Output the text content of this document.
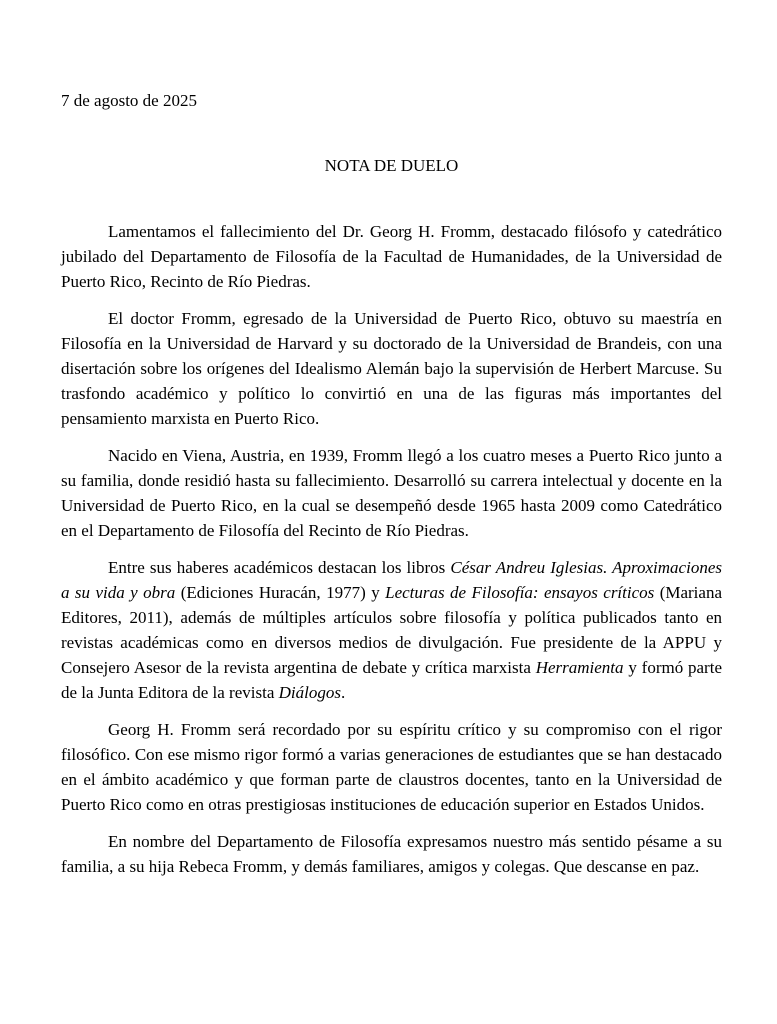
7 de agosto de 2025
NOTA DE DUELO

Lamentamos el fallecimiento del Dr. Georg H. Fromm, destacado filósofo y catedrático jubilado del Departamento de Filosofía de la Facultad de Humanidades, de la Universidad de Puerto Rico, Recinto de Río Piedras.

El doctor Fromm, egresado de la Universidad de Puerto Rico, obtuvo su maestría en Filosofía en la Universidad de Harvard y su doctorado de la Universidad de Brandeis, con una disertación sobre los orígenes del Idealismo Alemán bajo la supervisión de Herbert Marcuse. Su trasfondo académico y político lo convirtió en una de las figuras más importantes del pensamiento marxista en Puerto Rico.

Nacido en Viena, Austria, en 1939, Fromm llegó a los cuatro meses a Puerto Rico junto a su familia, donde residió hasta su fallecimiento. Desarrolló su carrera intelectual y docente en la Universidad de Puerto Rico, en la cual se desempeñó desde 1965 hasta 2009 como Catedrático en el Departamento de Filosofía del Recinto de Río Piedras.

Entre sus haberes académicos destacan los libros César Andreu Iglesias. Aproximaciones a su vida y obra (Ediciones Huracán, 1977) y Lecturas de Filosofía: ensayos críticos (Mariana Editores, 2011), además de múltiples artículos sobre filosofía y política publicados tanto en revistas académicas como en diversos medios de divulgación. Fue presidente de la APPU y Consejero Asesor de la revista argentina de debate y crítica marxista Herramienta y formó parte de la Junta Editora de la revista Diálogos.

Georg H. Fromm será recordado por su espíritu crítico y su compromiso con el rigor filosófico. Con ese mismo rigor formó a varias generaciones de estudiantes que se han destacado en el ámbito académico y que forman parte de claustros docentes, tanto en la Universidad de Puerto Rico como en otras prestigiosas instituciones de educación superior en Estados Unidos.

En nombre del Departamento de Filosofía expresamos nuestro más sentido pésame a su familia, a su hija Rebeca Fromm, y demás familiares, amigos y colegas. Que descanse en paz.
